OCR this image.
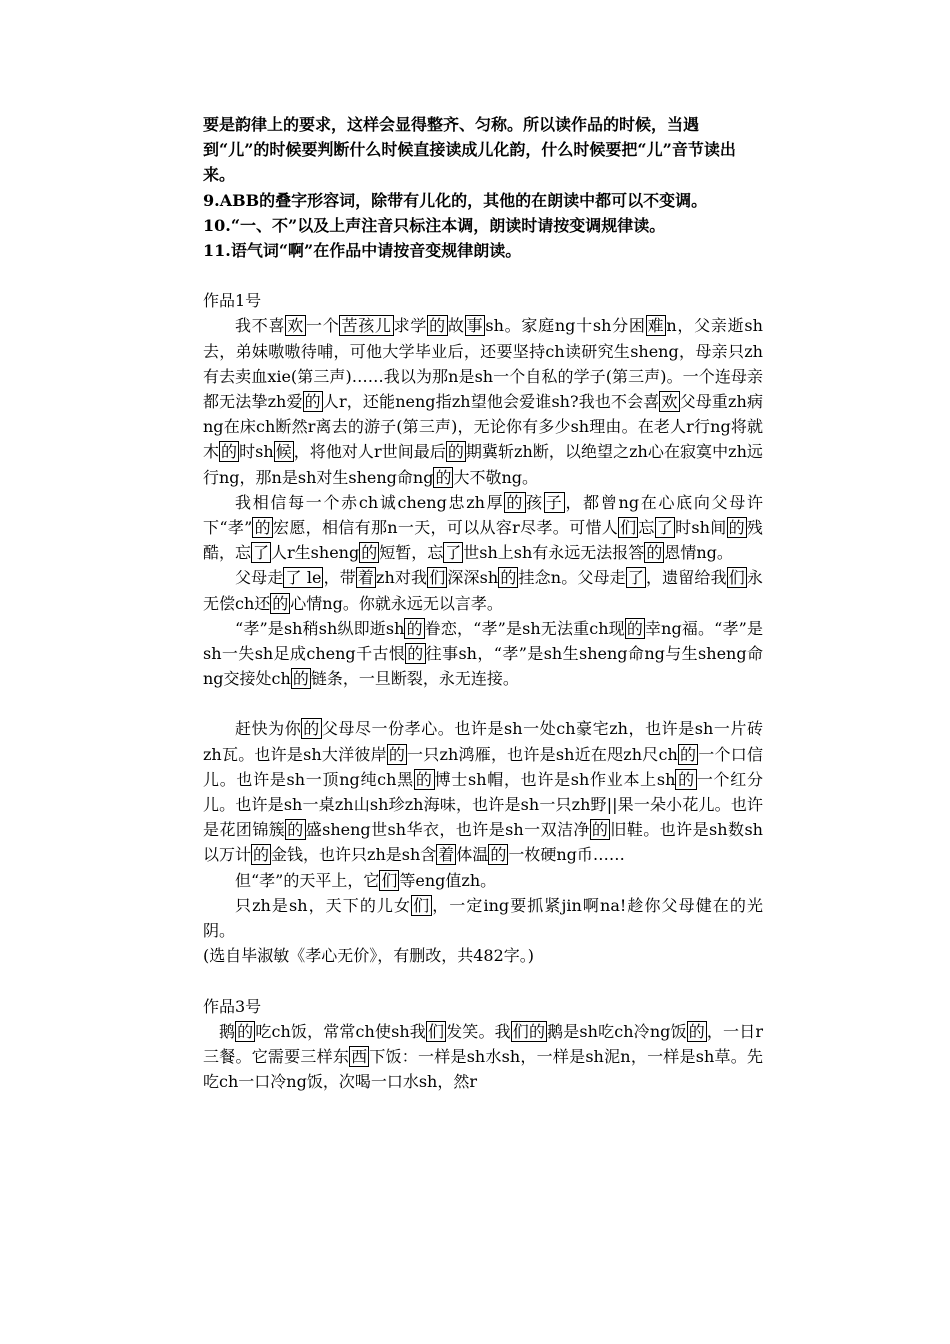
要是韵律上的要求，这样会显得整齐、匀称。所以读作品的时候，当遇到“儿”的时候要判断什么时候直接读成儿化韵，什么时候要把“儿”音节读出来。

9.ABB的叠字形容词，除带有儿化的，其他的在朗读中都可以不变调。

10.“一、不”以及上声注音只标注本调，朗读时请按变调规律读。

11.语气词“啊”在作品中请按音变规律朗读。

作品1号

我不喜 欢 一个 苦孩儿 求学 的 故 事 sh。家庭ng十sh分困 难 n，父亲逝sh去，弟妹嗷嗷待哺，可他大学毕业后，还要坚持ch读研究生sheng，母亲只zh有去卖血xie(第三声)……我以为那n是sh一个自私的学子(第三声)。一个连母亲都无法挚zh爱 的 人r，还能neng指zh望他会爱谁sh?我也不会喜 欢 父母重zh病ng在床ch断然r离去的游子(第三声)，无论你有多少sh理由。在老人r行ng将就木 的 时sh 候 ，将他对人r世间最后 的 期冀斩zh断，以绝望之zh心在寂寞中zh远行ng，那n是sh对生sheng命ng 的 大不敬ng。

我相信每一个赤ch诚cheng忠zh厚 的 孩 子 ，都曾ng在心底向父母许下“孝” 的 宏愿，相信有那n一天，可以从容r尽孝。可惜人 们 忘 了 时sh间 的 残酷，忘 了 人r生sheng 的 短暂，忘 了 世sh上sh有永远无法报答 的 恩情ng。

父母走 了 le ，带 着 zh对我 们 深深sh 的 挂念n。父母走 了 ，遗留给我 们 永无偿ch还 的 心情ng。你就永远无以言孝。

“孝”是sh稍sh纵即逝sh 的 眷恋，“孝”是sh无法重ch现 的 幸ng福。“孝”是sh一失sh足成cheng千古恨 的 往事sh，“孝”是sh生sheng命ng与生sheng命ng交接处ch 的 链条，一旦断裂，永无连接。

赶快为你 的 父母尽一份孝心。也许是sh一处ch豪宅zh，也许是sh一片砖zh瓦。也许是sh大洋彼岸 的 一只zh鸿雁，也许是sh近在咫zh尺ch 的 一个口信儿。也许是sh一顶ng纯ch黑 的 博士sh帽，也许是sh作业本上sh 的 一个红分儿。也许是sh一桌zh山sh珍zh海味，也许是sh一只zh野||果一朵小花儿。也许是花团锦簇 的 盛sheng世sh华衣，也许是sh一双洁净 的 旧鞋。也许是sh数sh以万计 的 金钱，也许只zh是sh含 着 体温 的 一枚硬ng币……

但“孝”的天平上，它 们 等eng值zh。

只zh是sh，天下的儿女 们 ，一定ing要抓紧jin啊na!趁你父母健在的光阴。

(选自毕淑敏《孝心无价》，有删改，共482字。)

作品3号

鹅 的 吃ch饭，常常ch使sh我 们 发笑。我 们的 鹅是sh吃ch冷ng饭 的 ，一日r三餐。它需要三样东 西 下饭：一样是sh水sh，一样是sh泥n，一样是sh草。先吃ch一口冷ng饭，次喝一口水sh，然r
